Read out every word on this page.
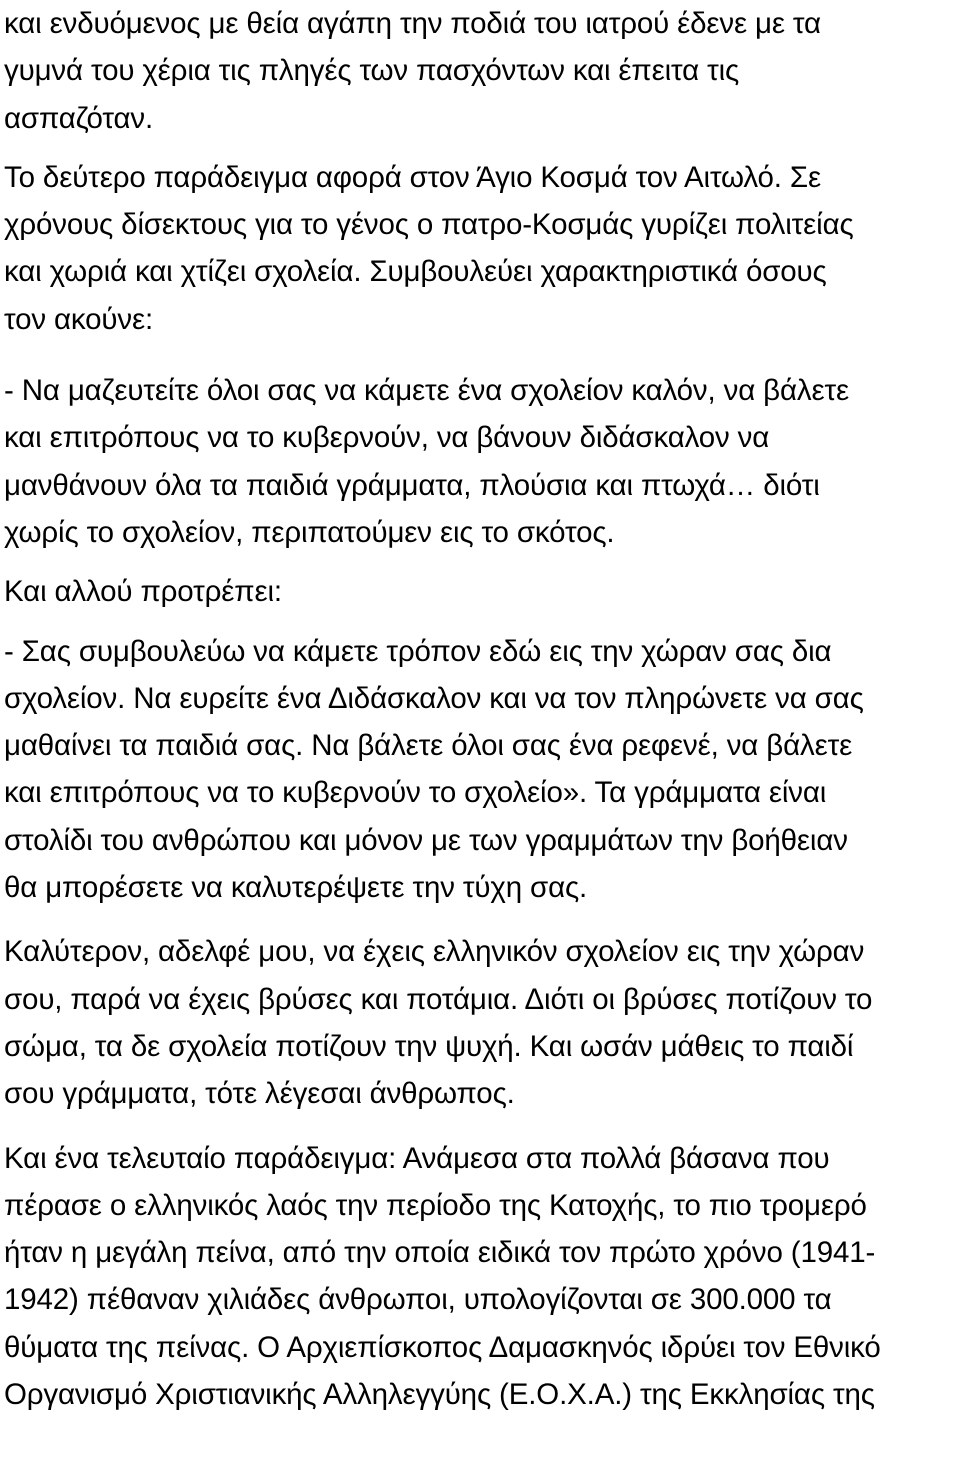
και ενδυόμενος με θεία αγάπη την ποδιά του ιατρού έδενε με τα
γυμνά του χέρια τις πληγές των πασχόντων και έπειτα τις
ασπαζόταν.
Το δεύτερο παράδειγμα αφορά στον Άγιο Κοσμά τον Αιτωλό. Σε
χρόνους δίσεκτους για το γένος ο πατρο-Κοσμάς γυρίζει πολιτείας
και χωριά και χτίζει σχολεία. Συμβουλεύει χαρακτηριστικά όσους
τον ακούνε:
- Να μαζευτείτε όλοι σας να κάμετε ένα σχολείον καλόν, να βάλετε
και επιτρόπους να το κυβερνούν, να βάνουν διδάσκαλον να
μανθάνουν όλα τα παιδιά γράμματα, πλούσια και πτωχά… διότι
χωρίς το σχολείον, περιπατούμεν εις το σκότος.
Και αλλού προτρέπει:
- Σας συμβουλεύω να κάμετε τρόπον εδώ εις την χώραν σας δια
σχολείον. Να ευρείτε ένα Διδάσκαλον και να τον πληρώνετε να σας
μαθαίνει τα παιδιά σας. Να βάλετε όλοι σας ένα ρεφενέ, να βάλετε
και επιτρόπους να το κυβερνούν το σχολείο». Τα γράμματα είναι
στολίδι του ανθρώπου και μόνον με των γραμμάτων την βοήθειαν
θα μπορέσετε να καλυτερέψετε την τύχη σας.
Καλύτερον, αδελφέ μου, να έχεις ελληνικόν σχολείον εις την χώραν
σου, παρά να έχεις βρύσες και ποτάμια. Διότι οι βρύσες ποτίζουν το
σώμα, τα δε σχολεία ποτίζουν την ψυχή. Και ωσάν μάθεις το παιδί
σου γράμματα, τότε λέγεσαι άνθρωπος.
Και ένα τελευταίο παράδειγμα: Ανάμεσα στα πολλά βάσανα που
πέρασε ο ελληνικός λαός την περίοδο της Κατοχής, το πιο τρομερό
ήταν η μεγάλη πείνα, από την οποία ειδικά τον πρώτο χρόνο (1941-
1942) πέθαναν χιλιάδες άνθρωποι, υπολογίζονται σε 300.000 τα
θύματα της πείνας. Ο Αρχιεπίσκοπος Δαμασκηνός ιδρύει τον Εθνικό
Οργανισμό Χριστιανικής Αλληλεγγύης (Ε.Ο.Χ.Α.) της Εκκλησίας της
